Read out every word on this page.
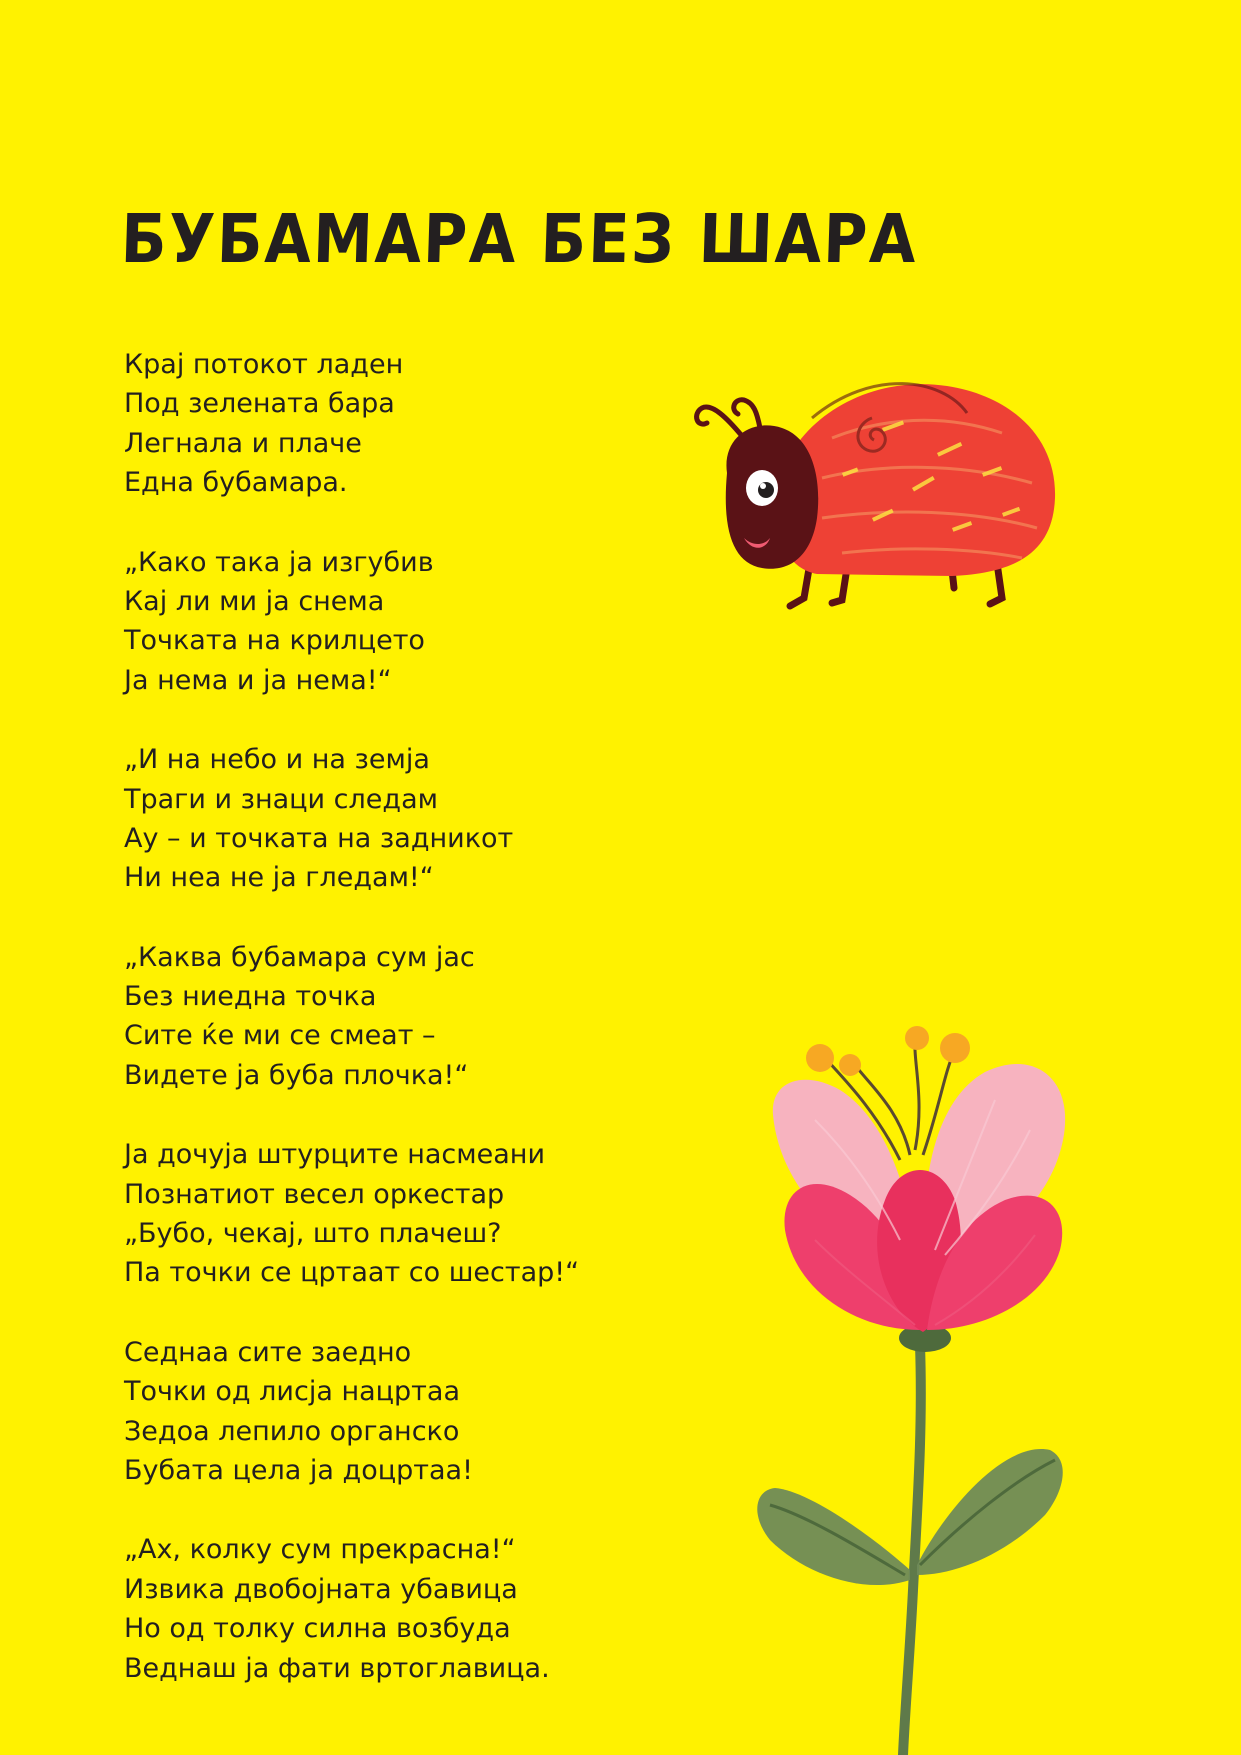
БУБАМАРА БЕЗ ШАРА
Крај потокот ладен
Под зелената бара
Легнала и плаче
Една бубамара.
„Како така ја изгубив
Кај ли ми ја снема
Точката на крилцето
Ја нема и ја нема!“
„И на небо и на земја
Траги и знаци следам
Ау – и точката на задникот
Ни неа не ја гледам!“
„Каква бубамара сум јас
Без ниедна точка
Сите ќе ми се смеат –
Видете ја буба плочка!“
Ја дочуја штурците насмеани
Познатиот весел оркестар
„Бубо, чекај, што плачеш?
Па точки се цртаат со шестар!“
Седнаа сите заедно
Точки од лисја нацртаа
Зедоа лепило органско
Бубата цела ја доцртаа!
„Ах, колку сум прекрасна!“
Извика двобојната убавица
Но од толку силна возбуда
Веднаш ја фати вртоглавица.
